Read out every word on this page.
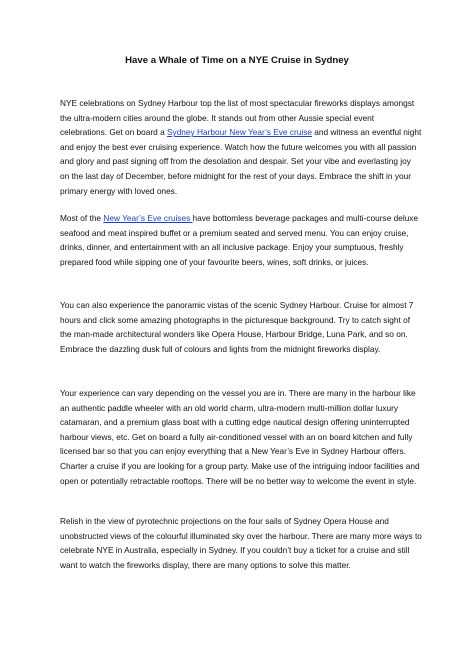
Have a Whale of Time on a NYE Cruise in Sydney

NYE celebrations on Sydney Harbour top the list of most spectacular fireworks displays amongst the ultra-modern cities around the globe. It stands out from other Aussie special event celebrations. Get on board a Sydney Harbour New Year’s Eve cruise and witness an eventful night and enjoy the best ever cruising experience. Watch how the future welcomes you with all passion and glory and past signing off from the desolation and despair. Set your vibe and everlasting joy on the last day of December, before midnight for the rest of your days. Embrace the shift in your primary energy with loved ones.

Most of the New Year’s Eve cruises have bottomless beverage packages and multi-course deluxe seafood and meat inspired buffet or a premium seated and served menu. You can enjoy cruise, drinks, dinner, and entertainment with an all inclusive package. Enjoy your sumptuous, freshly prepared food while sipping one of your favourite beers, wines, soft drinks, or juices.

You can also experience the panoramic vistas of the scenic Sydney Harbour. Cruise for almost 7 hours and click some amazing photographs in the picturesque background. Try to catch sight of the man-made architectural wonders like Opera House, Harbour Bridge, Luna Park, and so on. Embrace the dazzling dusk full of colours and lights from the midnight fireworks display.

Your experience can vary depending on the vessel you are in. There are many in the harbour like an authentic paddle wheeler with an old world charm, ultra-modern multi-million dollar luxury catamaran, and a premium glass boat with a cutting edge nautical design offering uninterrupted harbour views, etc. Get on board a fully air-conditioned vessel with an on board kitchen and fully licensed bar so that you can enjoy everything that a New Year’s Eve in Sydney Harbour offers. Charter a cruise if you are looking for a group party. Make use of the intriguing indoor facilities and open or potentially retractable rooftops. There will be no better way to welcome the event in style.

Relish in the view of pyrotechnic projections on the four sails of Sydney Opera House and unobstructed views of the colourful illuminated sky over the harbour. There are many more ways to celebrate NYE in Australia, especially in Sydney. If you couldn’t buy a ticket for a cruise and still want to watch the fireworks display, there are many options to solve this matter.
